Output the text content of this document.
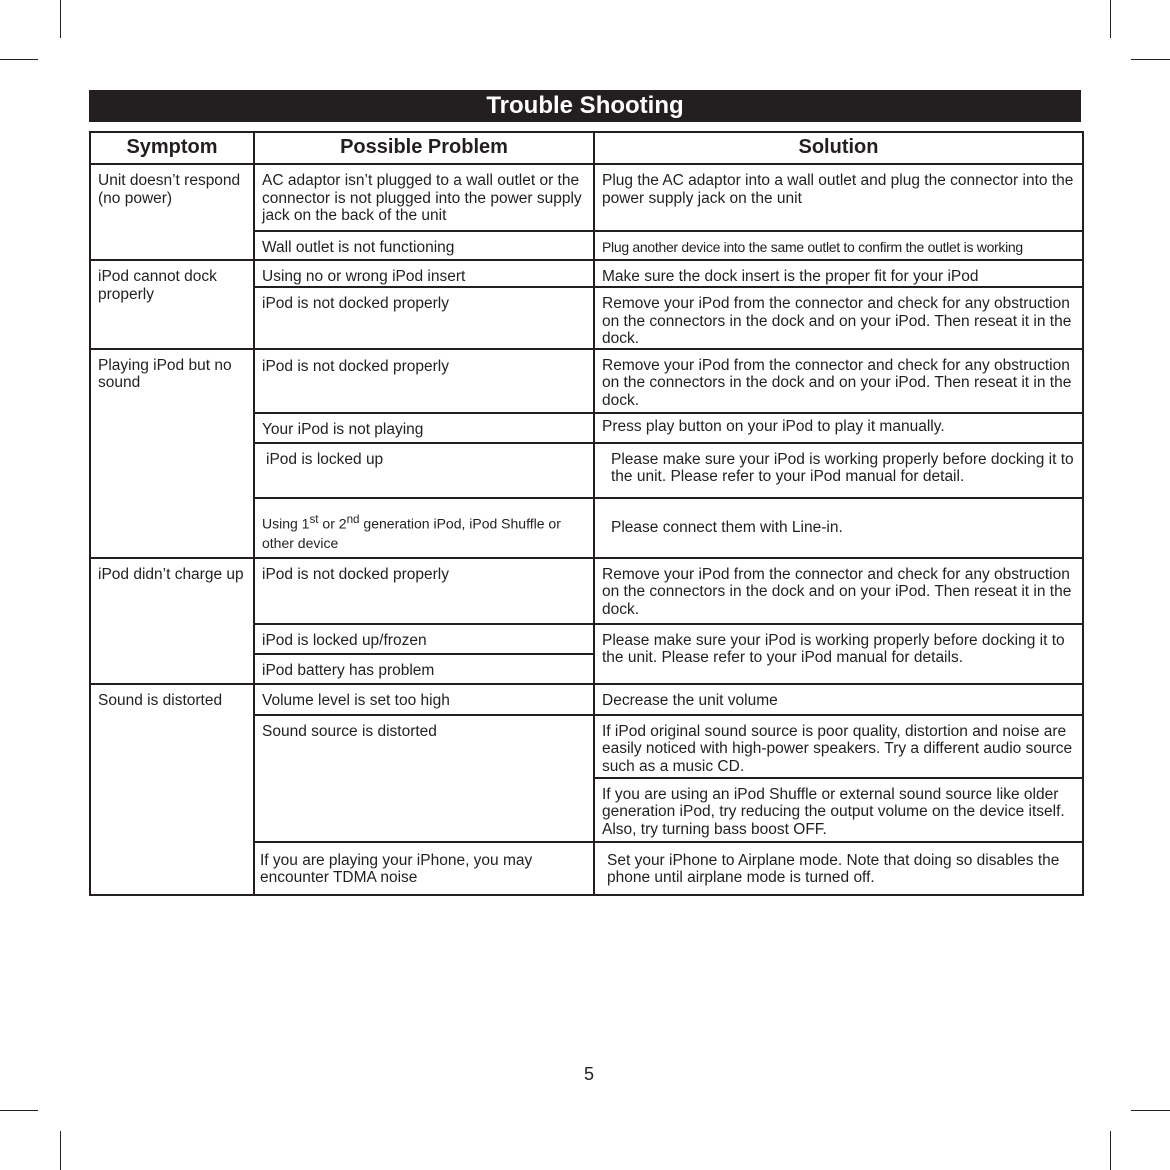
Trouble Shooting
Symptom	Possible Problem	Solution
Unit doesn’t respond (no power)	AC adaptor isn’t plugged to a wall outlet or the connector is not plugged into the power supply jack on the back of the unit	Plug the AC adaptor into a wall outlet and plug the connector into the power supply jack on the unit
	Wall outlet is not functioning	Plug another device into the same outlet to confirm the outlet is working
iPod cannot dock properly	Using no or wrong iPod insert	Make sure the dock insert is the proper fit for your iPod
	iPod is not docked properly	Remove your iPod from the connector and check for any obstruction on the connectors in the dock and on your iPod. Then reseat it in the dock.
Playing iPod but no sound	iPod is not docked properly	Remove your iPod from the connector and check for any obstruction on the connectors in the dock and on your iPod. Then reseat it in the dock.
	Your iPod is not playing	Press play button on your iPod to play it manually.
	iPod is locked up	Please make sure your iPod is working properly before docking it to the unit. Please refer to your iPod manual for detail.
	Using 1st or 2nd generation iPod, iPod Shuffle or other device	Please connect them with Line-in.
iPod didn’t charge up	iPod is not docked properly	Remove your iPod from the connector and check for any obstruction on the connectors in the dock and on your iPod. Then reseat it in the dock.
	iPod is locked up/frozen	Please make sure your iPod is working properly before docking it to the unit. Please refer to your iPod manual for details.
	iPod battery has problem	
Sound is distorted	Volume level is set too high	Decrease the unit volume
	Sound source is distorted	If iPod original sound source is poor quality, distortion and noise are easily noticed with high-power speakers. Try a different audio source such as a music CD.
		If you are using an iPod Shuffle or external sound source like older generation iPod, try reducing the output volume on the device itself. Also, try turning bass boost OFF.
	If you are playing your iPhone, you may encounter TDMA noise	Set your iPhone to Airplane mode. Note that doing so disables the phone until airplane mode is turned off.
5
